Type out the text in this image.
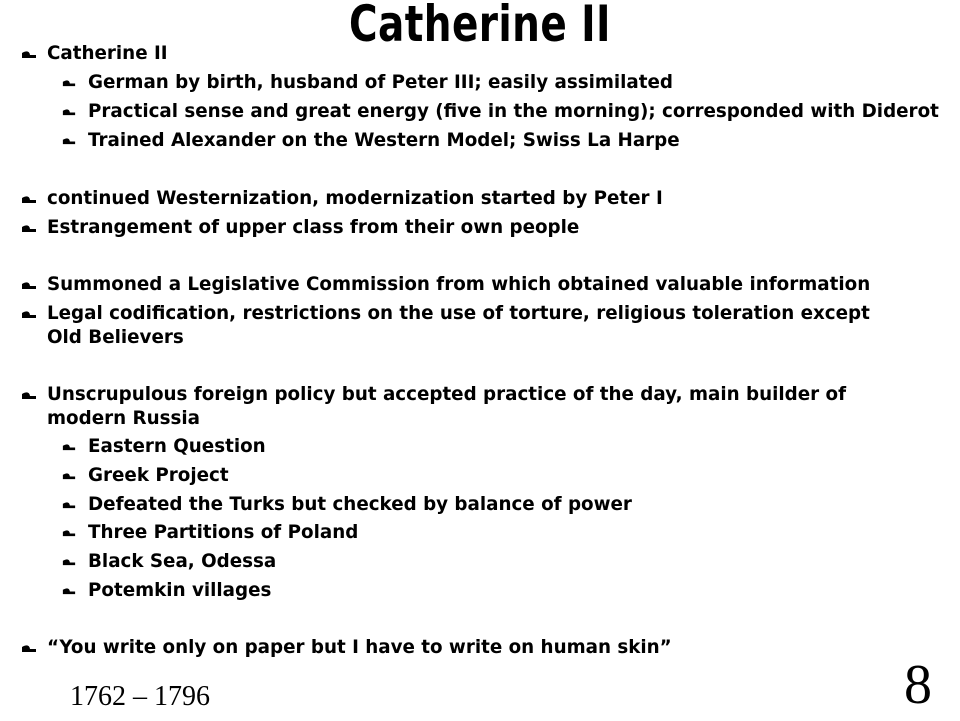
Catherine II
Catherine II
German by birth, husband of Peter III; easily assimilated
Practical sense and great energy (five in the morning); corresponded with Diderot
Trained Alexander on the Western Model; Swiss La Harpe
continued Westernization, modernization started by Peter I
Estrangement of upper class from their own people
Summoned a Legislative Commission from which obtained valuable information
Legal codification, restrictions on the use of torture, religious toleration except Old Believers
Unscrupulous foreign policy but accepted practice of the day, main builder of modern Russia
Eastern Question
Greek Project
Defeated the Turks but checked by balance of power
Three Partitions of Poland
Black Sea, Odessa
Potemkin villages
“You write only on paper but I have to write on human skin”
1762 – 1796	8
